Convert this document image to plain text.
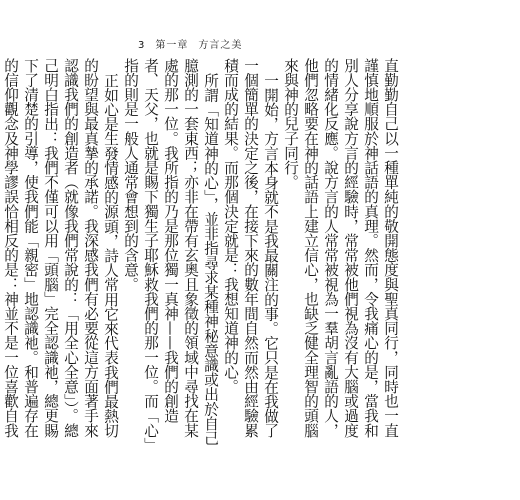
3 第一章 方言之美

直勤勤自己以一種單純的敬開態度與聖真同行，同時也一直謹慎地順服於神話語的真理。然而，令我痛心的是，當我和別人分享說方言的經驗時，常常被他們視為沒有大腦或過度的情緒化反應。說方言的人常常被視為一羣胡言亂語的人，他們忽略要在神的話語上建立信心，也缺乏健全理智的頭腦來與神的兒子同行。

一開始，方言本身就不是我最關注的事。它只是在我做了一個簡單的決定之後，在接下來的數年間自然而然由經驗累積而成的結果。而那個決定就是：我想知道神的心。

所謂「知道神的心」，並非指尋求某種神秘意識或出於自己臆測的一套東西；亦非在帶有玄奧且象徵的領域中尋找在某處的那一位。我所指的乃是那位獨一真神——我們的創造者、天父，也就是賜下獨生子耶穌救我們的那一位。而「心」指的則是一般人通常會想到的含意。

正如心是生發情感的源頭，詩人常用它來代表我們最熱切的盼望與最真摯的承諾。我深感我們有必要從這方面著手來認識我們的創造者（就像我們常說的：「用全心全意」）。總己明白指出：我們不僅可以用「頭腦」完全認識祂，總更賜下了清楚的引導，使我們能「親密」地認識祂。和普遍存在的信仰觀念及神學謬誤恰相反的是：神並不是一位喜歡自我
